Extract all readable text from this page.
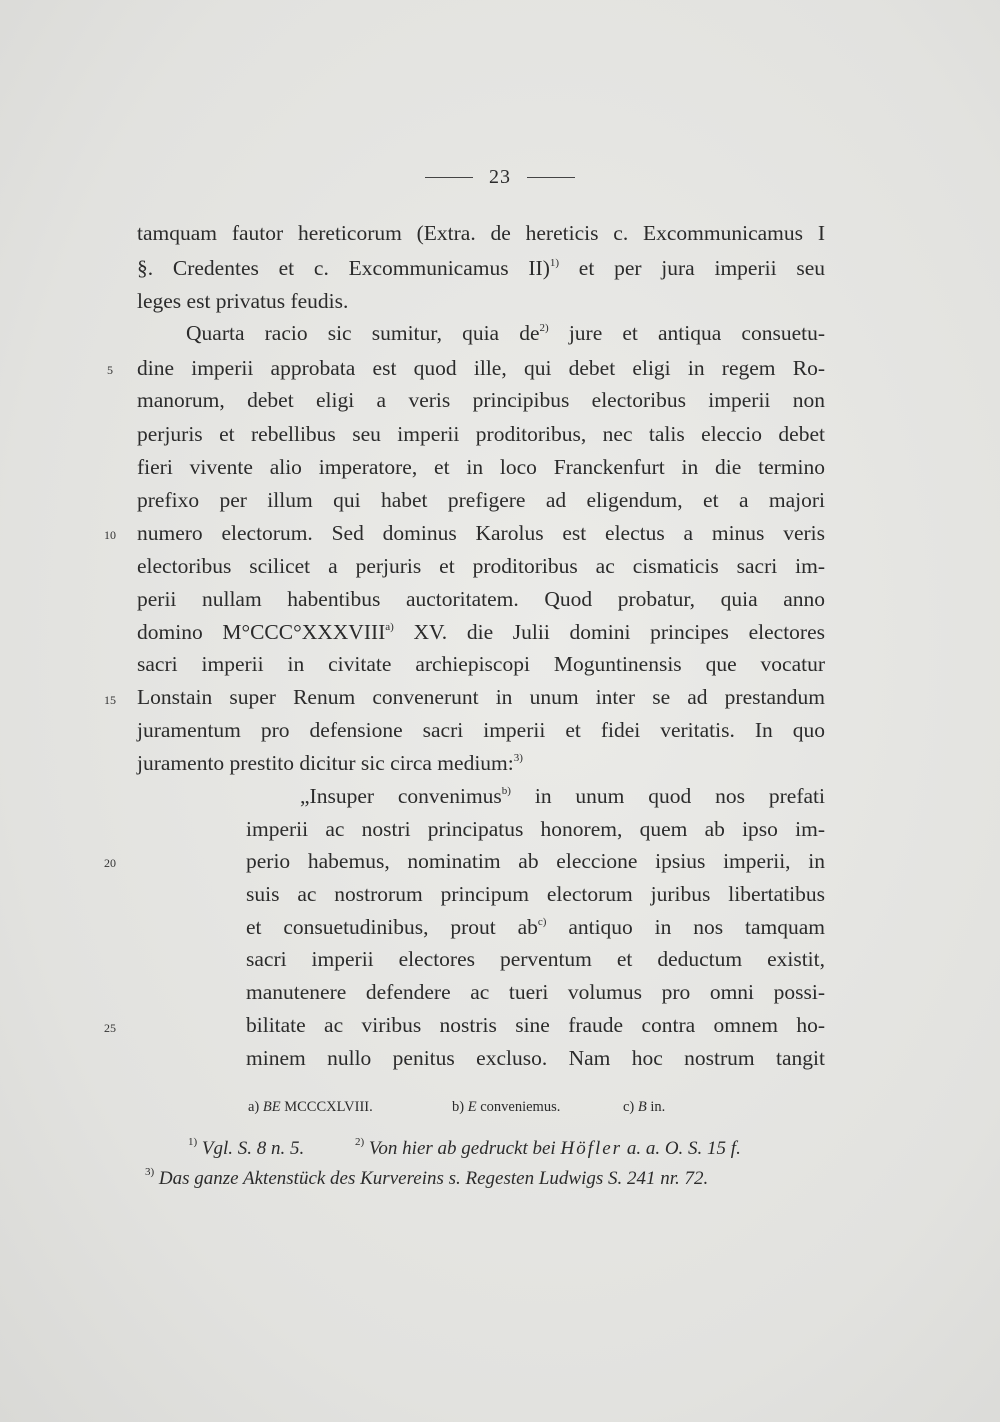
23
tamquam fautor hereticorum (Extra. de hereticis c. Excommunicamus I
§. Credentes et c. Excommunicamus II)$^{1)}$ et per jura imperii seu
leges est privatus feudis.
Quarta racio sic sumitur, quia $de^{2)}$ jure et antiqua consuetu-
dine imperii approbata est quod ille, qui debet eligi in regem Ro-
manorum, debet eligi a veris principibus electoribus imperii non
perjuris et rebellibus seu imperii proditoribus, nec talis eleccio debet
fieri vivente alio imperatore, et in loco Franckenfurt in die termino
prefixo per illum qui habet prefigere ad eligendum, et a majori
numero electorum. Sed dominus Karolus est electus a minus veris
electoribus scilicet a perjuris et proditoribus ac cismaticis sacri im-
perii nullam habentibus auctoritatem. Quod probatur, quia anno
domino M°CCC°XXXVIII$^{a)}$ XV. die Julii domini principes electores
sacri imperii in civitate archiepiscopi Moguntinensis que vocatur
Lonstain super Renum convenerunt in unum inter se ad prestandum
juramentum pro defensione sacri imperii et fidei veritatis. In quo
juramento prestito dicitur sic circa medium:$^{3)}$
„Insuper convenimus$^{b)}$ in unum quod nos prefati
imperii ac nostri principatus honorem, quem ab ipso im-
perio habemus, nominatim ab eleccione ipsius imperii, in
suis ac nostrorum principum electorum juribus libertatibus
et consuetudinibus, prout $ab^{c)}$ antiquo in nos tamquam
sacri imperii electores perventum et deductum existit,
manutenere defendere ac tueri volumus pro omni possi-
bilitate ac viribus nostris sine fraude contra omnem ho-
minem nullo penitus excluso. Nam hoc nostrum tangit
5
10
15
20
25
a) BE MCCCXLVIII.	b) E conveniemus.	c) B in.
$^{1)}$ Vgl. S. 8 n. 5.	$^{2)}$ Von hier ab gedruckt bei Höfler a. a. O. S. 15 f.
$^{3)}$ Das ganze Aktenstück des Kurvereins s. Regesten Ludwigs S. 241 nr. 72.
